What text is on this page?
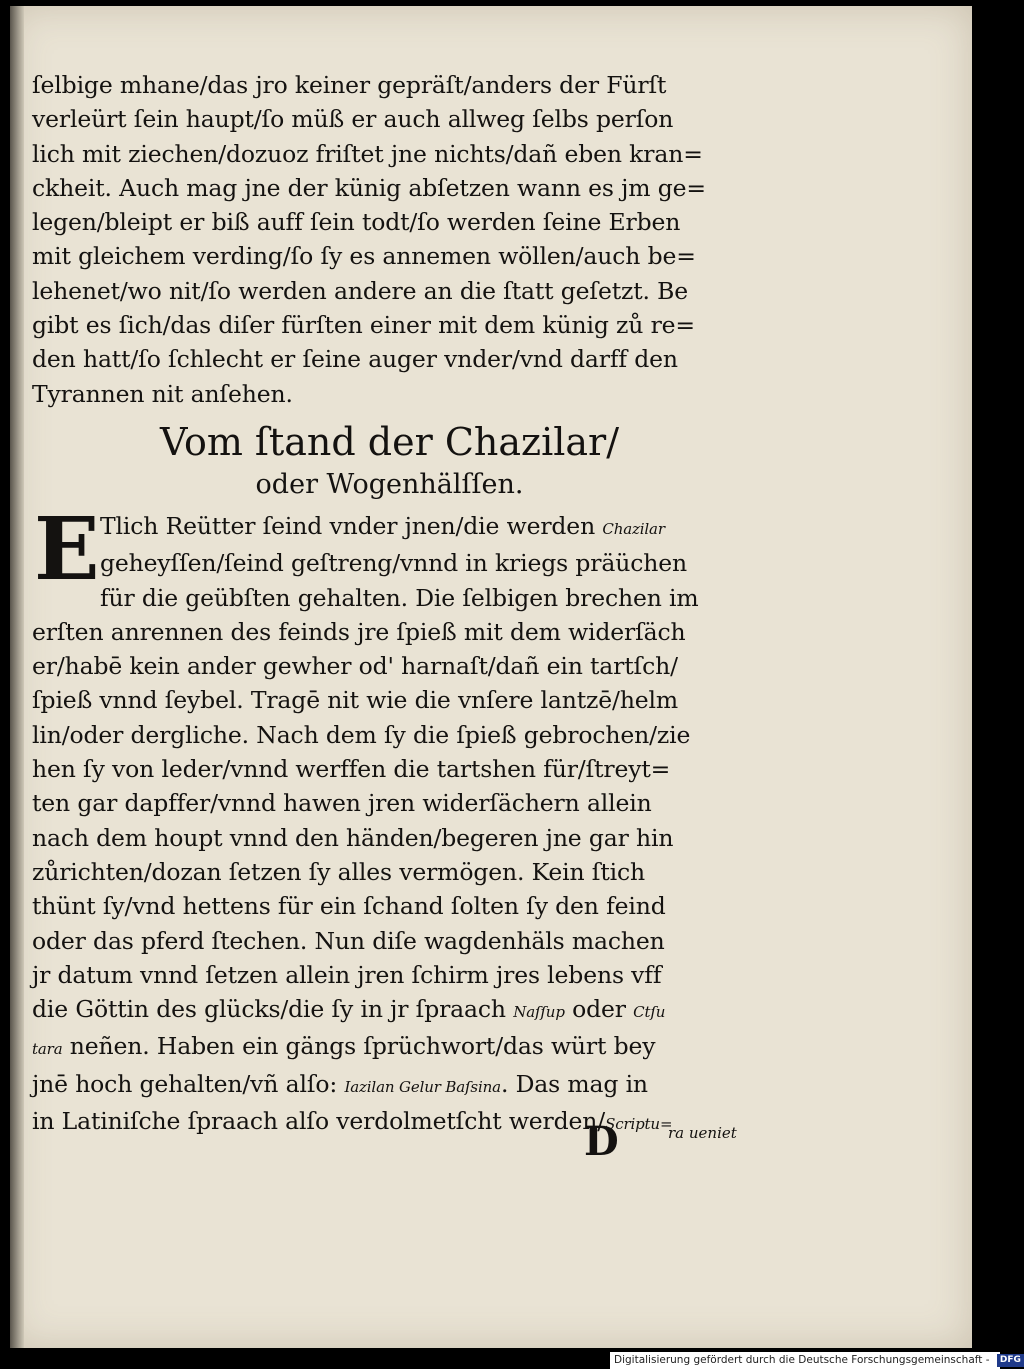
ſelbige mhane/das jro keiner gepräſt/anders der Fürſt
verleürt ſein haupt/ſo müß er auch allweg ſelbs perſon
lich mit ziechen/dozuoz friſtet jne nichts/dañ eben kran=
ckheit. Auch mag jne der künig abſetzen wann es jm ge=
legen/bleipt er biß auff ſein todt/ſo werden ſeine Erben
mit gleichem verding/ſo ſy es annemen wöllen/auch be=
lehenet/wo nit/ſo werden andere an die ſtatt geſetzt. Be
gibt es ſich/das diſer fürſten einer mit dem künig zů re=
den hatt/ſo ſchlecht er ſeine auger vnder/vnd darff den
Tyrannen nit anſehen.
Vom ſtand der Chazilar/
oder Wogenhälſſen.
E Tlich Reütter ſeind vnder jnen/die werden Chazilar
geheyſſen/ſeind geſtreng/vnnd in kriegs präüchen
für die geübſten gehalten. Die ſelbigen brechen im
erſten anrennen des feinds jre ſpieß mit dem widerſäch
er/habē kein ander gewher od' harnaſt/dañ ein tartſch/
ſpieß vnnd ſeybel. Tragē nit wie die vnſere lantzē/helm
lin/oder dergliche. Nach dem ſy die ſpieß gebrochen/zie
hen ſy von leder/vnnd werffen die tartshen für/ſtreyt=
ten gar dapffer/vnnd hawen jren widerſächern allein
nach dem houpt vnnd den händen/begeren jne gar hin
zůrichten/dozan ſetzen ſy alles vermögen. Kein ſtich
thünt ſy/vnd hettens für ein ſchand ſolten ſy den feind
oder das pferd ſtechen. Nun diſe wagdenhäls machen
jr datum vnnd ſetzen allein jren ſchirm jres lebens vff
die Göttin des glücks/die ſy in jr ſpraach Naſſup oder Ctſu
tara neñen. Haben ein gängs ſprüchwort/das würt bey
jnē hoch gehalten/vñ alſo: Iazilan Gelur Baſsina. Das mag in
in Latiniſche ſpraach alſo verdolmetſcht werden/Scriptu=
D	ra ueniet
Digitalisierung gefördert durch die Deutsche Forschungsgemeinschaft - DFG
